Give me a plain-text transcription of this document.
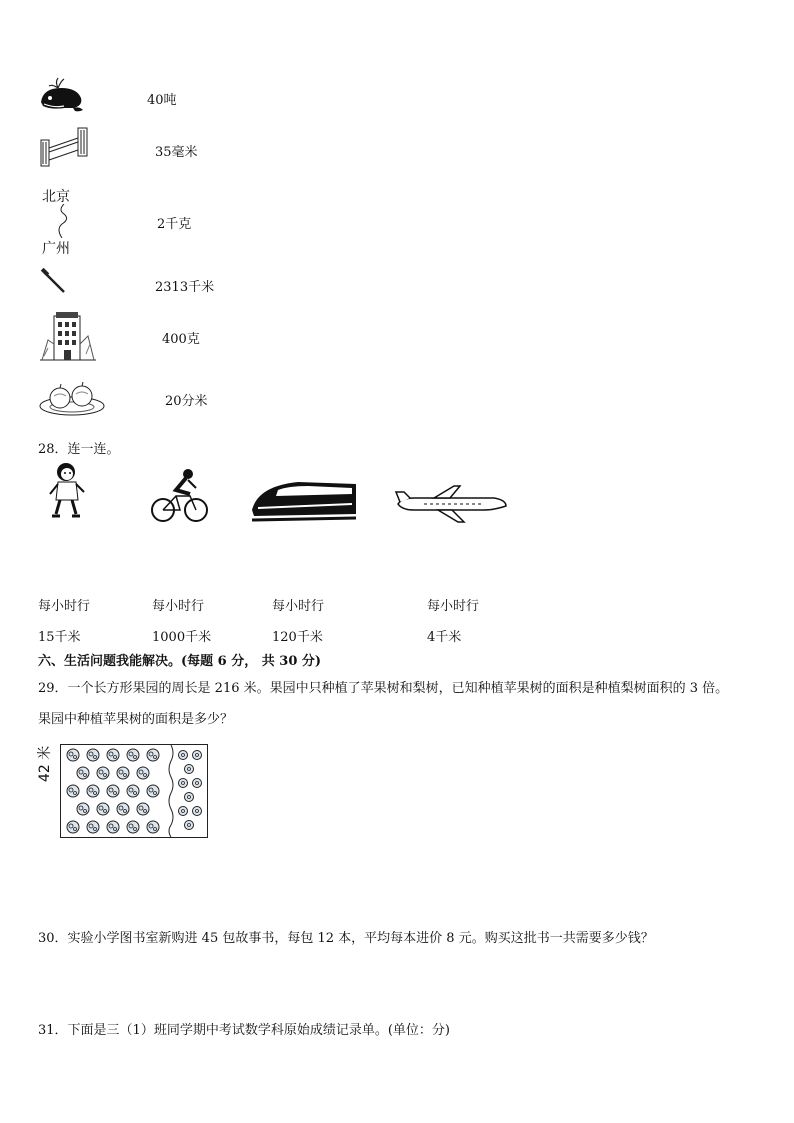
40吨
35毫米
北京
广州
2千克
2313千米
400克
20分米
28．连一连。
每小时行	每小时行	每小时行	每小时行
15千米	1000千米	120千米	4千米
六、生活问题我能解决。(每题 6 分， 共 30 分)
29．一个长方形果园的周长是 216 米。果园中只种植了苹果树和梨树，已知种植苹果树的面积是种植梨树面积的 3 倍。
果园中种植苹果树的面积是多少？
42 米
30．实验小学图书室新购进 45 包故事书，每包 12 本，平均每本进价 8 元。购买这批书一共需要多少钱？
31．下面是三（1）班同学期中考试数学科原始成绩记录单。(单位：分)
